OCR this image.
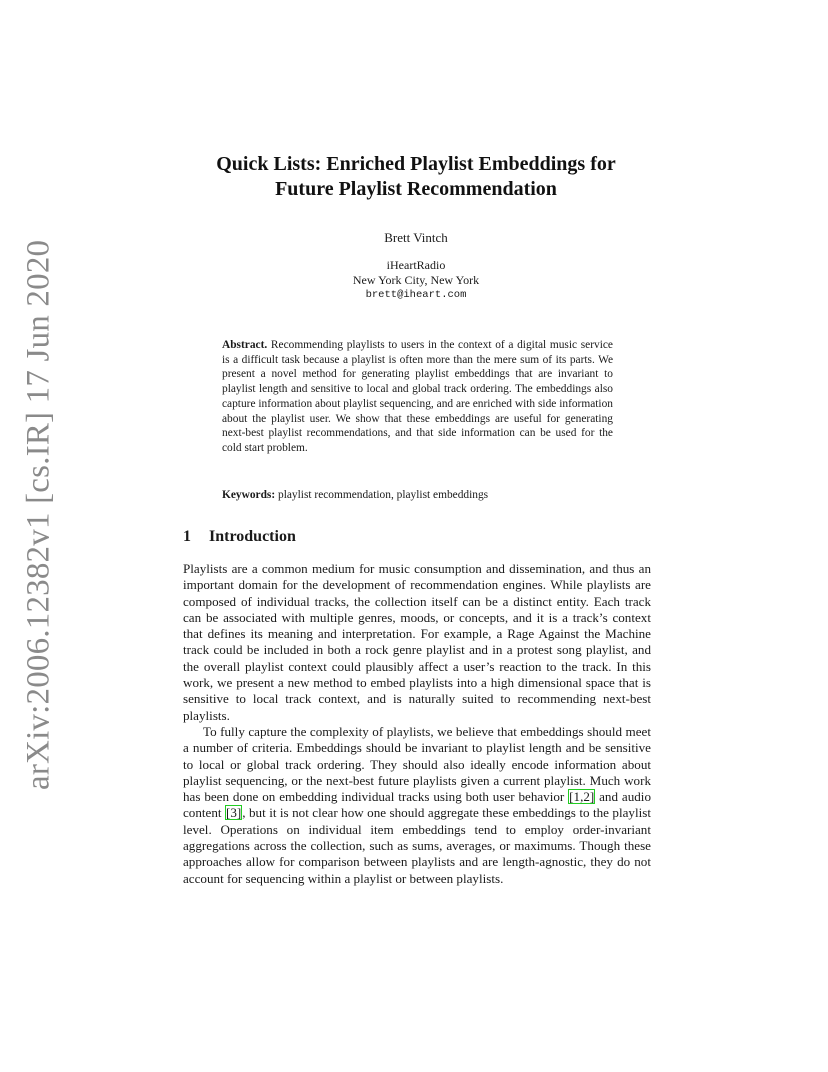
arXiv:2006.12382v1 [cs.IR] 17 Jun 2020
Quick Lists: Enriched Playlist Embeddings for
Future Playlist Recommendation
Brett Vintch
iHeartRadio
New York City, New York
brett@iheart.com
Abstract. Recommending playlists to users in the context of a digital music service is a difficult task because a playlist is often more than the mere sum of its parts. We present a novel method for generating playlist embeddings that are invariant to playlist length and sensitive to local and global track ordering. The embeddings also capture information about playlist sequencing, and are enriched with side information about the playlist user. We show that these embeddings are useful for generating next-best playlist recommendations, and that side information can be used for the cold start problem.
Keywords: playlist recommendation, playlist embeddings
1 Introduction

Playlists are a common medium for music consumption and dissemination, and thus an important domain for the development of recommendation engines. While playlists are composed of individual tracks, the collection itself can be a distinct entity. Each track can be associated with multiple genres, moods, or concepts, and it is a track’s context that defines its meaning and interpretation. For example, a Rage Against the Machine track could be included in both a rock genre playlist and in a protest song playlist, and the overall playlist context could plausibly affect a user’s reaction to the track. In this work, we present a new method to embed playlists into a high dimensional space that is sensitive to local track context, and is naturally suited to recommending next-best playlists.

To fully capture the complexity of playlists, we believe that embeddings should meet a number of criteria. Embeddings should be invariant to playlist length and be sensitive to local or global track ordering. They should also ideally encode information about playlist sequencing, or the next-best future playlists given a current playlist. Much work has been done on embedding individual tracks using both user behavior [1,2] and audio content [3], but it is not clear how one should aggregate these embeddings to the playlist level. Operations on individual item embeddings tend to employ order-invariant aggregations across the collection, such as sums, averages, or maximums. Though these approaches allow for comparison between playlists and are length-agnostic, they do not account for sequencing within a playlist or between playlists.
